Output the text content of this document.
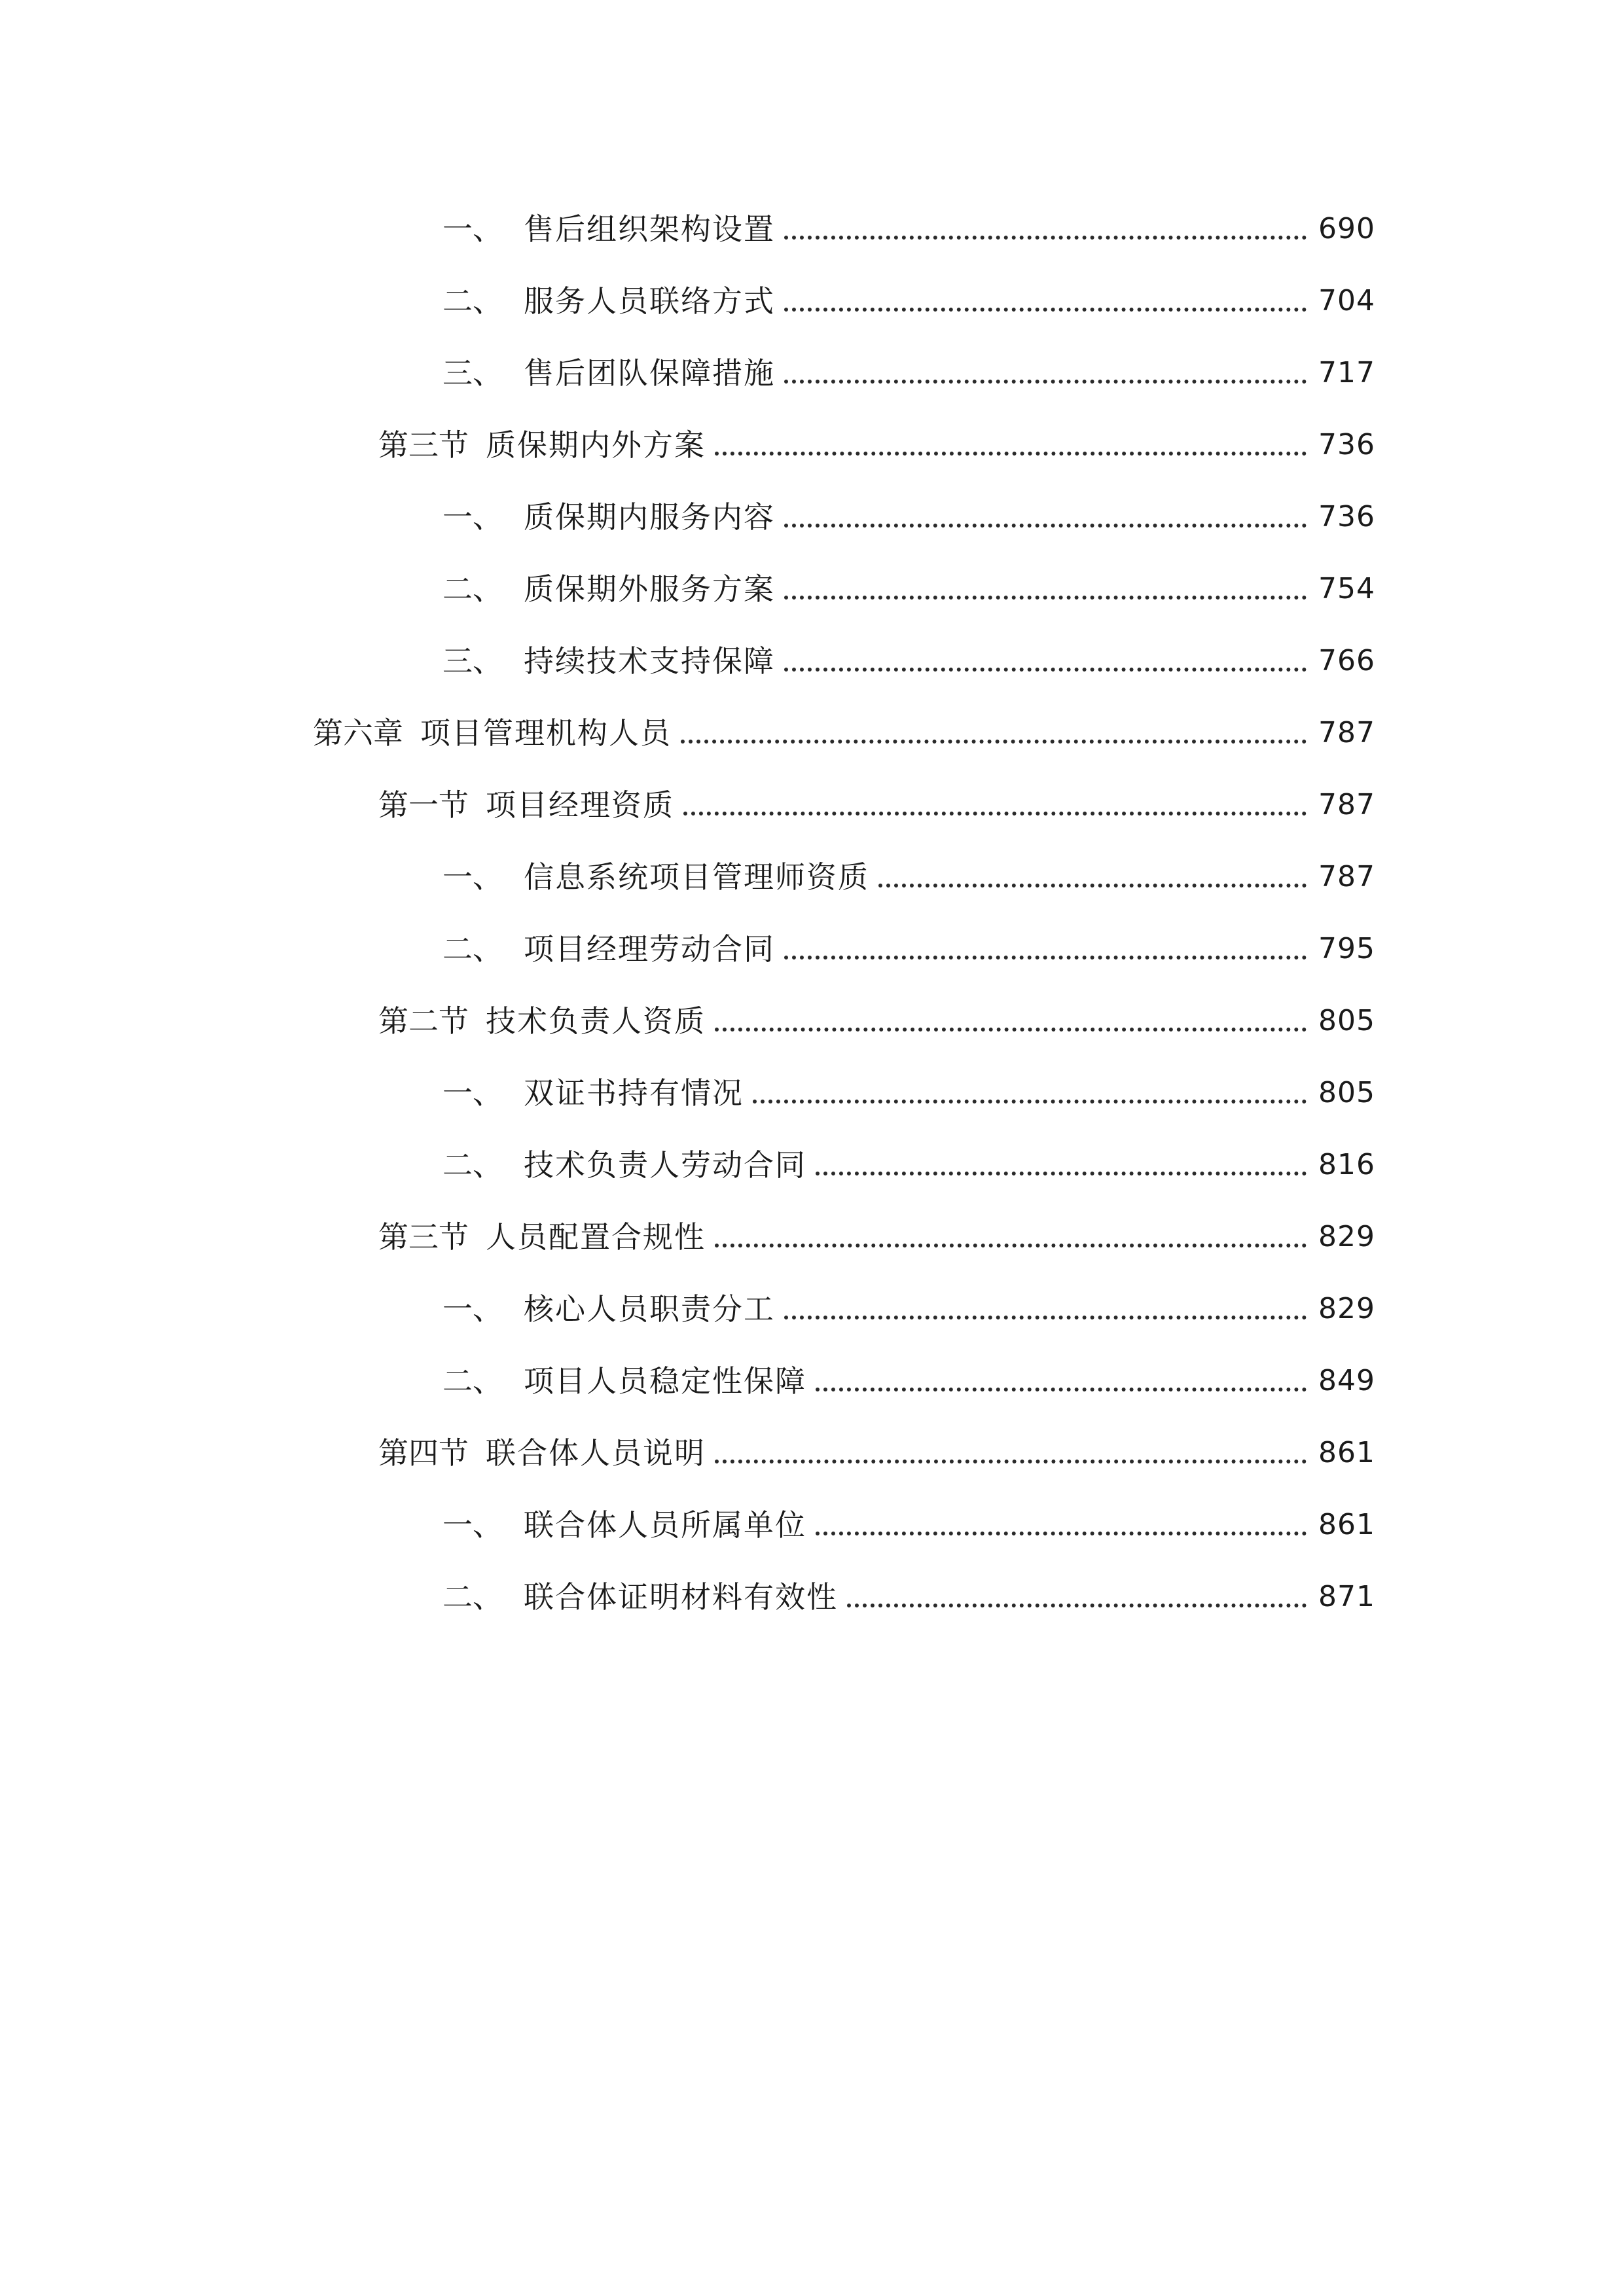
一、 售后组织架构设置	690
二、 服务人员联络方式	704
三、 售后团队保障措施	717
第三节 质保期内外方案	736
一、 质保期内服务内容	736
二、 质保期外服务方案	754
三、 持续技术支持保障	766
第六章 项目管理机构人员	787
第一节 项目经理资质	787
一、 信息系统项目管理师资质	787
二、 项目经理劳动合同	795
第二节 技术负责人资质	805
一、 双证书持有情况	805
二、 技术负责人劳动合同	816
第三节 人员配置合规性	829
一、 核心人员职责分工	829
二、 项目人员稳定性保障	849
第四节 联合体人员说明	861
一、 联合体人员所属单位	861
二、 联合体证明材料有效性	871
